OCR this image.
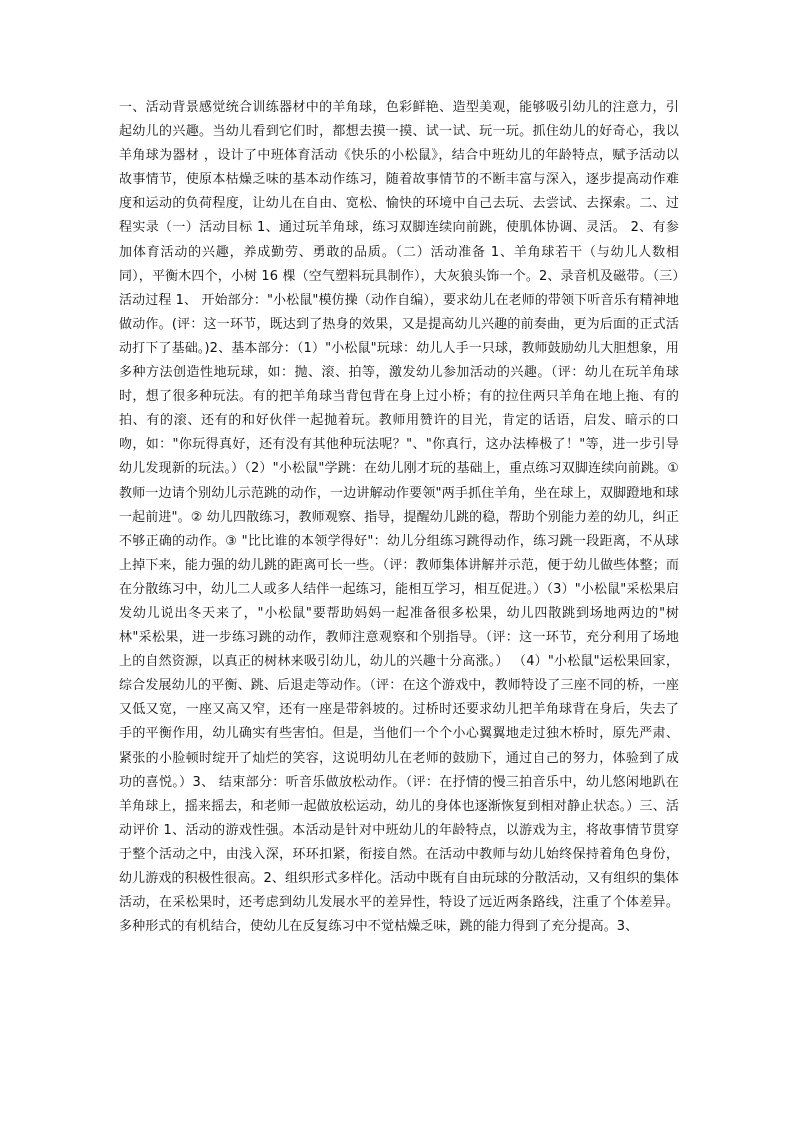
一、活动背景感觉统合训练器材中的羊角球，色彩鲜艳、造型美观，能够吸引幼儿的注意力，引起幼儿的兴趣。当幼儿看到它们时，都想去摸一摸、试一试、玩一玩。抓住幼儿的好奇心，我以羊角球为器材 ，设计了中班体育活动《快乐的小松鼠》，结合中班幼儿的年龄特点，赋予活动以故事情节，使原本枯燥乏味的基本动作练习，随着故事情节的不断丰富与深入，逐步提高动作难度和运动的负荷程度，让幼儿在自由、宽松、愉快的环境中自己去玩、去尝试、去探索。二、过程实录（一）活动目标 1、通过玩羊角球，练习双脚连续向前跳，使肌体协调、灵活。 2、有参加体育活动的兴趣，养成勤劳、勇敢的品质。（二）活动准备 1、羊角球若干（与幼儿人数相同），平衡木四个，小树 16 棵（空气塑料玩具制作），大灰狼头饰一个。2、录音机及磁带。（三）活动过程 1、 开始部分："小松鼠"模仿操（动作自编），要求幼儿在老师的带领下听音乐有精神地做动作。(评：这一环节，既达到了热身的效果，又是提高幼儿兴趣的前奏曲，更为后面的正式活动打下了基础。)2、基本部分：（1）"小松鼠"玩球：幼儿人手一只球，教师鼓励幼儿大胆想象，用多种方法创造性地玩球，如：抛、滚、拍等，激发幼儿参加活动的兴趣。（评：幼儿在玩羊角球时，想了很多种玩法。有的把羊角球当背包背在身上过小桥；有的拉住两只羊角在地上拖、有的拍、有的滚、还有的和好伙伴一起抛着玩。教师用赞许的目光，肯定的话语，启发、暗示的口吻，如："你玩得真好，还有没有其他种玩法呢？"、"你真行，这办法棒极了！"等，进一步引导幼儿发现新的玩法。）（2）"小松鼠"学跳：在幼儿刚才玩的基础上，重点练习双脚连续向前跳。① 教师一边请个别幼儿示范跳的动作，一边讲解动作要领"两手抓住羊角，坐在球上，双脚蹬地和球一起前进"。② 幼儿四散练习，教师观察、指导，提醒幼儿跳的稳，帮助个别能力差的幼儿，纠正不够正确的动作。③ "比比谁的本领学得好"：幼儿分组练习跳得动作，练习跳一段距离，不从球上掉下来，能力强的幼儿跳的距离可长一些。（评：教师集体讲解并示范，便于幼儿做些体整；而在分散练习中，幼儿二人或多人结伴一起练习，能相互学习，相互促进。）（3）"小松鼠"采松果启发幼儿说出冬天来了，"小松鼠"要帮助妈妈一起准备很多松果，幼儿四散跳到场地两边的"树林"采松果，进一步练习跳的动作，教师注意观察和个别指导。（评：这一环节，充分利用了场地上的自然资源，以真正的树林来吸引幼儿，幼儿的兴趣十分高涨。） （4）"小松鼠"运松果回家，综合发展幼儿的平衡、跳、后退走等动作。（评：在这个游戏中，教师特设了三座不同的桥，一座又低又宽，一座又高又窄，还有一座是带斜坡的。过桥时还要求幼儿把羊角球背在身后，失去了手的平衡作用，幼儿确实有些害怕。但是，当他们一个个小心翼翼地走过独木桥时，原先严肃、紧张的小脸顿时绽开了灿烂的笑容，这说明幼儿在老师的鼓励下，通过自己的努力，体验到了成功的喜悦。）3、 结束部分：听音乐做放松动作。（评：在抒情的慢三拍音乐中，幼儿悠闲地趴在羊角球上，摇来摇去，和老师一起做放松运动，幼儿的身体也逐渐恢复到相对静止状态。）三、活动评价 1、活动的游戏性强。本活动是针对中班幼儿的年龄特点，以游戏为主，将故事情节贯穿于整个活动之中，由浅入深，环环扣紧，衔接自然。在活动中教师与幼儿始终保持着角色身份，幼儿游戏的积极性很高。2、组织形式多样化。活动中既有自由玩球的分散活动，又有组织的集体活动，在采松果时，还考虑到幼儿发展水平的差异性，特设了远近两条路线，注重了个体差异。多种形式的有机结合，使幼儿在反复练习中不觉枯燥乏味，跳的能力得到了充分提高。3、
